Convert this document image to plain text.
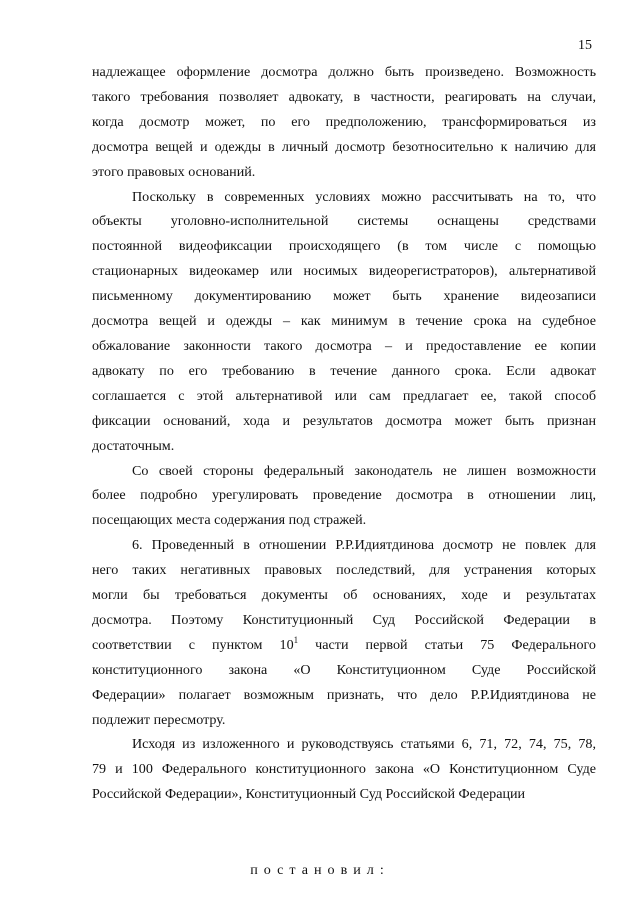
15

надлежащее оформление досмотра должно быть произведено. Возможность
такого требования позволяет адвокату, в частности, реагировать на случаи,
когда досмотр может, по его предположению, трансформироваться из
досмотра вещей и одежды в личный досмотр безотносительно к наличию для
этого правовых оснований.

Поскольку в современных условиях можно рассчитывать на то, что
объекты уголовно-исполнительной системы оснащены средствами
постоянной видеофиксации происходящего (в том числе с помощью
стационарных видеокамер или носимых видеорегистраторов), альтернативой
письменному документированию может быть хранение видеозаписи
досмотра вещей и одежды – как минимум в течение срока на судебное
обжалование законности такого досмотра – и предоставление ее копии
адвокату по его требованию в течение данного срока. Если адвокат
соглашается с этой альтернативой или сам предлагает ее, такой способ
фиксации оснований, хода и результатов досмотра может быть признан
достаточным.

Со своей стороны федеральный законодатель не лишен возможности
более подробно урегулировать проведение досмотра в отношении лиц,
посещающих места содержания под стражей.

6. Проведенный в отношении Р.Р.Идиятдинова досмотр не повлек для
него таких негативных правовых последствий, для устранения которых
могли бы требоваться документы об основаниях, ходе и результатах
досмотра. Поэтому Конституционный Суд Российской Федерации в
соответствии с пунктом $10^1$ части первой статьи 75 Федерального
конституционного закона «О Конституционном Суде Российской
Федерации» полагает возможным признать, что дело Р.Р.Идиятдинова не
подлежит пересмотру.

Исходя из изложенного и руководствуясь статьями 6, 71, 72, 74, 75, 78,
79 и 100 Федерального конституционного закона «О Конституционном Суде
Российской Федерации», Конституционный Суд Российской Федерации

постановил:
